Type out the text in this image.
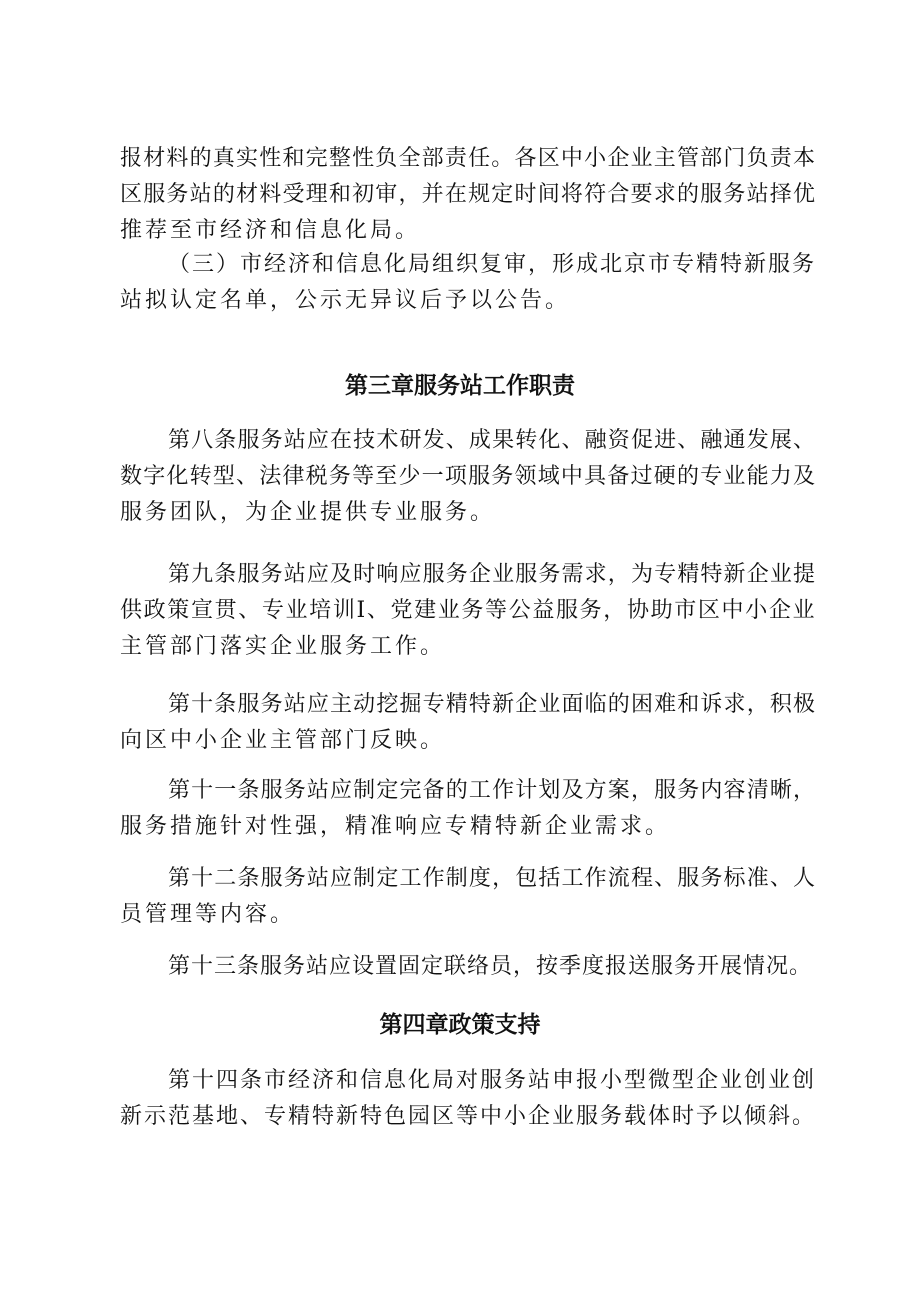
报材料的真实性和完整性负全部责任。各区中小企业主管部门负责本
区服务站的材料受理和初审，并在规定时间将符合要求的服务站择优
推荐至市经济和信息化局。
（三）市经济和信息化局组织复审，形成北京市专精特新服务
站拟认定名单，公示无异议后予以公告。
第三章服务站工作职责
第八条服务站应在技术研发、成果转化、融资促进、融通发展、
数字化转型、法律税务等至少一项服务领域中具备过硬的专业能力及
服务团队，为企业提供专业服务。
第九条服务站应及时响应服务企业服务需求，为专精特新企业提
供政策宣贯、专业培训I、党建业务等公益服务，协助市区中小企业
主管部门落实企业服务工作。
第十条服务站应主动挖掘专精特新企业面临的困难和诉求，积极
向区中小企业主管部门反映。
第十一条服务站应制定完备的工作计划及方案，服务内容清晰，
服务措施针对性强，精准响应专精特新企业需求。
第十二条服务站应制定工作制度，包括工作流程、服务标准、人
员管理等内容。
第十三条服务站应设置固定联络员，按季度报送服务开展情况。
第四章政策支持
第十四条市经济和信息化局对服务站申报小型微型企业创业创
新示范基地、专精特新特色园区等中小企业服务载体时予以倾斜。
